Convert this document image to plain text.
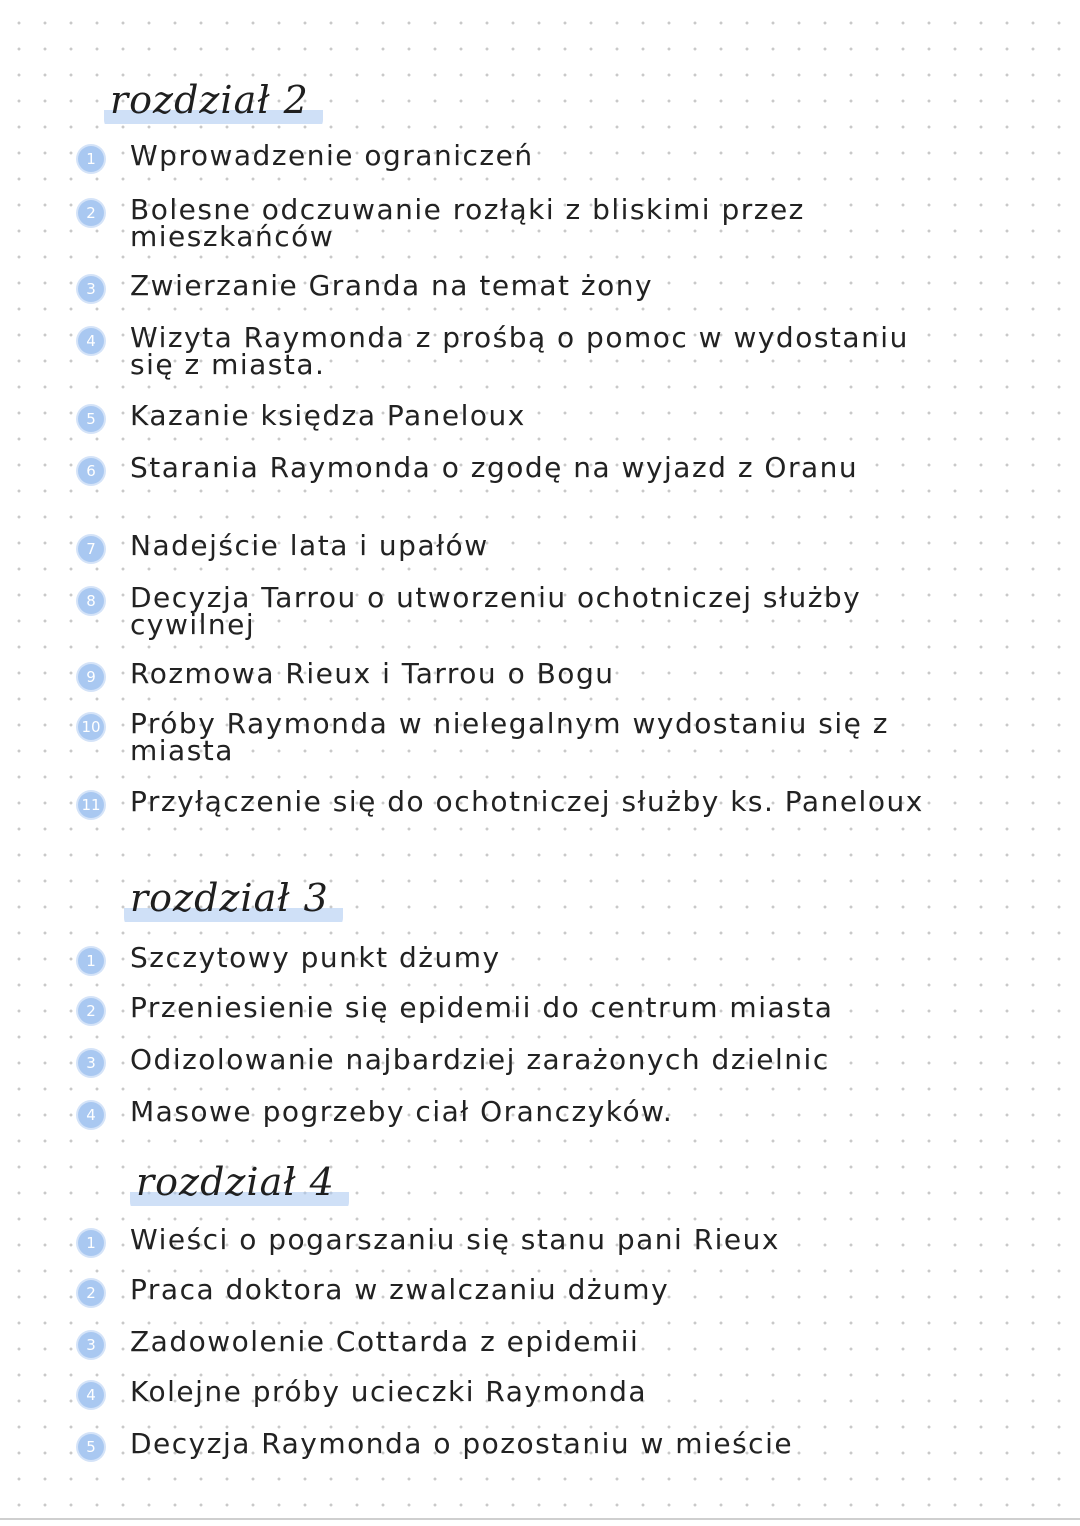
rozdział 2
1 Wprowadzenie ograniczeń
2 Bolesne odczuwanie rozłąki z bliskimi przez mieszkańców
3 Zwierzanie Granda na temat żony
4 Wizyta Raymonda z prośbą o pomoc w wydostaniu się z miasta.
5 Kazanie księdza Paneloux
6 Starania Raymonda o zgodę na wyjazd z Oranu
7 Nadejście lata i upałów
8 Decyzja Tarrou o utworzeniu ochotniczej służby cywilnej
9 Rozmowa Rieux i Tarrou o Bogu
10 Próby Raymonda w nielegalnym wydostaniu się z miasta
11 Przyłączenie się do ochotniczej służby ks. Paneloux
rozdział 3
1 Szczytowy punkt dżumy
2 Przeniesienie się epidemii do centrum miasta
3 Odizolowanie najbardziej zarażonych dzielnic
4 Masowe pogrzeby ciał Oranczyków.
rozdział 4
1 Wieści o pogarszaniu się stanu pani Rieux
2 Praca doktora w zwalczaniu dżumy
3 Zadowolenie Cottarda z epidemii
4 Kolejne próby ucieczki Raymonda
5 Decyzja Raymonda o pozostaniu w mieście
